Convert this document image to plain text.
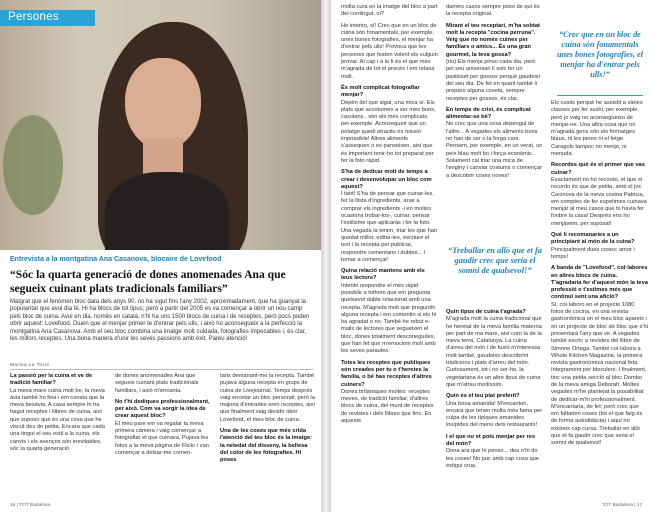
Persones
Entrevista a la montgatina Ana Casanova, blocaire de Lovefood
“Sóc la quarta generació de dones anomenades Ana que segueix cuinant plats tradicionals familiars”
Malgrat que el fenòmen bloc data dels anys 90, no ha sigut fins l'any 2002, aproximadament, que ha guanyat la popularitat que avui dia té. Hi ha blocs de tot tipus; però a partir del 2005 es va començar a obrir un nou camp pels bloc de cuina. Avui en dia, només en català, n'hi ha uns 1500 blocs de cuina i de receptes, però pocs poden obrir aquest: Lovefood. Diuen que el menjar primer te d'entrar pels ulls, i això ho aconsegueix a la perfecció la montgatina Ana Casanova. Amb el seu bloc combina una imatge molt cuidada, fotografies impecables i, és clar, les millors receptes. Una bona manera d'unir les seves passions amb èxit. Pareu atenció!
Marina La Torre

La passió per la cuina et ve de tradició familiar?
La meva mare cuina molt be, la meva àvia també ho feia i em consta que la meva besàvia. A casa sempre hi ha hagut receptes i llibres de cuina, així que suposo que és una cosa que he viscut des de petita. Encara que cada una tingui el seu estil a la cuina, els canvis i els avenços són inevitables, sóc la quarta generació

de dones anomenades Ana que segueix cuinant plats tradicionals familiars, i això m'encanta.

No t'hi dediques professionalment, per això. Com va sorgir la idea de crear aquest bloc?
El meu pare em va regalar la meva primera càmera i vaig començar a fotografiar el que cuinava. Pujava les fotos a la meva pàgina de Flickr i van començar a deixar-me comen-

taris demanant-me la recepta. També pujava alguna recepta en grups de cuina de Livejournal. Temps després vaig encetar un bloc personal; però la majoria d'entrades eren receptes, així que finalment vaig decidir obrir Lovefood, el meu bloc de cuina.

Una de les coses que més crida l'atenció del teu bloc és la imatge: la netedat del disseny, la bellesa del color de les fotografies. Hi poses

16 | TOT Badalona

molta cura en la imatge del bloc a part del contingut, oi?

Ho intento, sí! Crec que en un bloc de cuina són fonamentals, per exemple, unes bones fotografies, el menjar ha d'entrar pels ulls! Provoca que les persones que festen volent els vulguin provar. Al cap i a la fi és el que més m'agrada de tot el procés i em relaxa molt.

És molt complicat fotografiar menjar?
Depèn del que sigui, una mica sí. Els plats que acostumen a ser més bons, casolans , són els més complicats, per exemple. Aconsegueir que un potatge quedi atractiu és missió impossible! Altres aliments s'assequen o es panseixen, així que és important tenir-ho tot preparat per fer la foto ràpid.

S'ha de dedicar molt de temps a crear i desenvolupar un bloc com aquest?
I tant! S'ha de pensar que cuinar-les, fer la llista d'ingredients, anar a comprar els ingredients -i en moltes ocasions trobar-los-, cuinar, pensar l'estilisme que aplicaràs i fer la foto. Una vegada la tenim, triar les que han quedat millor, editar-les, escriure el text i la recepta per publicar, respondre comentaris i dubtes... i tornar a començar!

Quina relació mantens amb els teus lectors?
Intento respondre el més ràpid possible a tothom que em pregunta quelsevol dubte relacionat amb una recepta. M'agrada molt que preguntin alguna recepta i em comentin si els hi ha agradat o no. També he rebut e-mails de lectores que segueixen el bloc, dones totalment desconegudes, que han fet que m'emocioni molt amb les seves paraules.

Totes les receptes que publiques són creades per tu o t'heretes la família, o bé has receptes d'altres cuiners?
Dones britàniques moltes: receptes meves, de tradició familiar, d'altres blocs de cuina, del munt de receptes de revistes i dels llibres que tinc. En aquests

darrers casos sempre poso de qui és la recepta original.

Mirant el teu receptari, m'ha sobtat molt la recepta "cocina perruna". Veig que no només cuines per familiars o amics... És una gran gourmet, la teva gossa?
(riu) Els menja pinso cada dia, però pel seu aniversari li solc fer un pastisset per gossos perquè gaudeixi del seu dia. De fet en quant també li preparo alguna coseta, sempre receptes per gossos, és clar.

En temps de crisi, és complicat alimentar-se bé?
No crec que una cosa depengui de l'altre... A vegades els aliments bons no han de ser o la forga cars. Pensem, per exemple, en un verat, un peix blau molt bo i força econòmic. Solament cal triar una mica de l'enginy i canviar costums o començar a descobrir coses noves!

“Treballar en allò que et fa gaudir crec que seria el somni de qualsevol!”

Quin tipus de cuina t'agrada?
M'agrada molt la cuina tradicional que he heretat de la meva família materna per part de ma mare, així com la de la meva terra, Catalunya. La cuina d'arreu del món i de fusió m'interessa molt també, gaudeixo descobrint tradicions i plats d'arreu del món. Curiosament, tot i no ser-ho, la vegetariana és un altre tipus de cuina que m'atrau moltíssim.

Quin és el teu plat preferit?
Una bona amanida! M'encanten, encara que tenen molta més fama per culpa de les típiques amanides insípides del menú dels restaurants!

I el que no et pots menjar per res del món?
Dona ara que hi penso... deu n'hi do les coses! No puc amb cap cosa que estigui crua.

“Crec que en un bloc de cuina són fonamentals unes bones fotografies, el menjar ha d'entrar pels ulls!”

Els cuiols perquè he assistit a vàries classes per fer sushi, per exemple, però jo vaig no aconsegueixo de menjar-ne. Una altra cosa que no m'agrada gens són els formatges blaus, ni les peres ni el fetge. Caragols tampoc no menjo, ni menuda.

Recordes què és el primer que vas cuinar?
Exactament no ho recordo, el que sí recordo és que de petita, amb el joc Cocinova de la meva cosina Patricia, em comptes de fer espetimes cuinava menjar al meu casos que hi havia fer fonbre la casa! Després ens ho menjàvem, per suposat!

Què li recomanaries a un principiant al món de la cuina?
Principalment dues coses: amor i temps!

A banda de "Lovefood", col·labores en altres blocs de cuina. T'agradaria fer d'aquest món la teva professió o t'estimes més que continuï sent una afició?
Sí, col·laboro en el projecte 1080 fotos de cocina, en una revista gastronòmica on el meu bloc apareix i en un projecte de bloc de bloc que s'hi presentarà l'any que ve. A vegades també escric a revistes del llibre de Simone Ortega. També col·labora a Whole Kitchen Magazine, la primera revista gastronòmica nacional feta íntegrament per bloculers. I finalment, tinc una petita secció al bloc Dombo de la meva amiga Deborah. Moltes vegades m'he plantejat la possibilitat de dedicar-m'hi professionalment. M'encantaria, de fet; però crec que em faltarien coses (tot el que faig és de forma autodidàcta) i aquí no existeix cap cursa. Treballar en allò que et fa gaudir crec que seria el somni de qualsevol!

TOT Badalona | 17
